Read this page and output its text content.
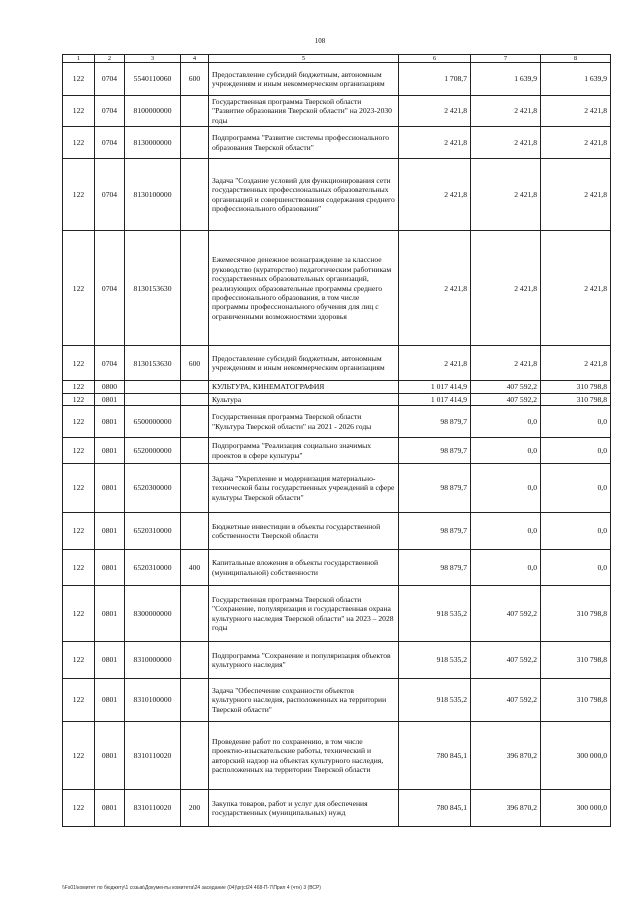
108
1	2	3	4	5	6	7	8
122	0704	5540110060	600	Предоставление субсидий бюджетным, автономным учреждениям и иным некоммерческим организациям	1 708,7	1 639,9	1 639,9
122	0704	8100000000		Государственная программа Тверской области "Развитие образования Тверской области" на 2023-2030 годы	2 421,8	2 421,8	2 421,8
122	0704	8130000000		Подпрограмма "Развитие системы профессионального образования Тверской области"	2 421,8	2 421,8	2 421,8
122	0704	8130100000		Задача "Создание условий для функционирования сети государственных профессиональных образовательных организаций и совершенствования содержания среднего профессионального образования"	2 421,8	2 421,8	2 421,8
122	0704	8130153630		Ежемесячное денежное вознаграждение за классное руководство (кураторство) педагогическим работникам государственных образовательных организаций, реализующих образовательные программы среднего профессионального образования, в том числе программы профессионального обучения для лиц с ограниченными возможностями здоровья	2 421,8	2 421,8	2 421,8
122	0704	8130153630	600	Предоставление субсидий бюджетным, автономным учреждениям и иным некоммерческим организациям	2 421,8	2 421,8	2 421,8
122	0800			КУЛЬТУРА, КИНЕМАТОГРАФИЯ	1 017 414,9	407 592,2	310 798,8
122	0801			Культура	1 017 414,9	407 592,2	310 798,8
122	0801	6500000000		Государственная программа Тверской области "Культура Тверской области" на 2021 - 2026 годы	98 879,7	0,0	0,0
122	0801	6520000000		Подпрограмма "Реализация социально значимых проектов в сфере культуры"	98 879,7	0,0	0,0
122	0801	6520300000		Задача "Укрепление и модернизация материально-технической базы государственных учреждений в сфере культуры Тверской области"	98 879,7	0,0	0,0
122	0801	6520310000		Бюджетные инвестиции в объекты государственной собственности Тверской области	98 879,7	0,0	0,0
122	0801	6520310000	400	Капитальные вложения в объекты государственной (муниципальной) собственности	98 879,7	0,0	0,0
122	0801	8300000000		Государственная программа Тверской области "Сохранение, популяризация и государственная охрана культурного наследия Тверской области" на 2023 – 2028 годы	918 535,2	407 592,2	310 798,8
122	0801	8310000000		Подпрограмма "Сохранение и популяризация объектов культурного наследия"	918 535,2	407 592,2	310 798,8
122	0801	8310100000		Задача "Обеспечение сохранности объектов культурного наследия, расположенных на территории Тверской области"	918 535,2	407 592,2	310 798,8
122	0801	8310110020		Проведение работ по сохранению, в том числе проектно-изыскательские работы, технический и авторский надзор на объектах культурного наследия, расположенных на территории Тверской области	780 845,1	396 870,2	300 000,0
122	0801	8310110020	200	Закупка товаров, работ и услуг для обеспечения государственных (муниципальных) нужд	780 845,1	396 870,2	300 000,0
\\Fs01\комитет по бюджету\1 созыв\Документы комитета\24 заседание (04)\prjct24 468-П-7\Прил 4 (чтн) 3 (ВСР)
